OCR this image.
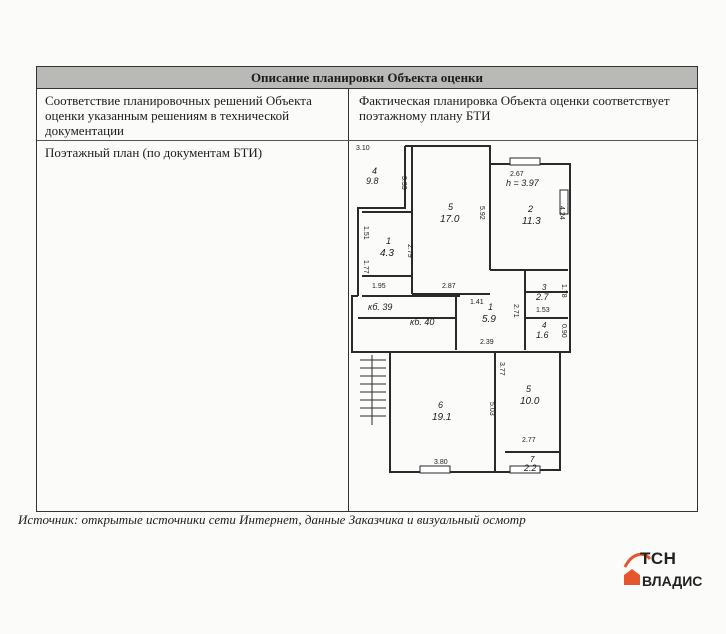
Описание планировки Объекта оценки
Соответствие планировочных решений Объекта оценки указанным решениям в технической документации
Фактическая планировка Объекта оценки соответствует поэтажному плану БТИ
Поэтажный план (по документам БТИ)
4
9.8
5
17.0
2
11.3
1
4.3
1
5.9
3
2.7
4
1.6
6
19.1
5
10.0
7
2.2
кб. 39
кб. 40
h = 3.97
3.10
2.67
3.33
5.92	4.24
1.51
2.79
1.77
1.95	2.87
1.41
2.71
1.78
1.53
0.90
2.39
3.77
5.03
2.77
3.80
Источник: открытые источники сети Интернет, данные Заказчика и визуальный осмотр
TCH
ВЛАДИС
